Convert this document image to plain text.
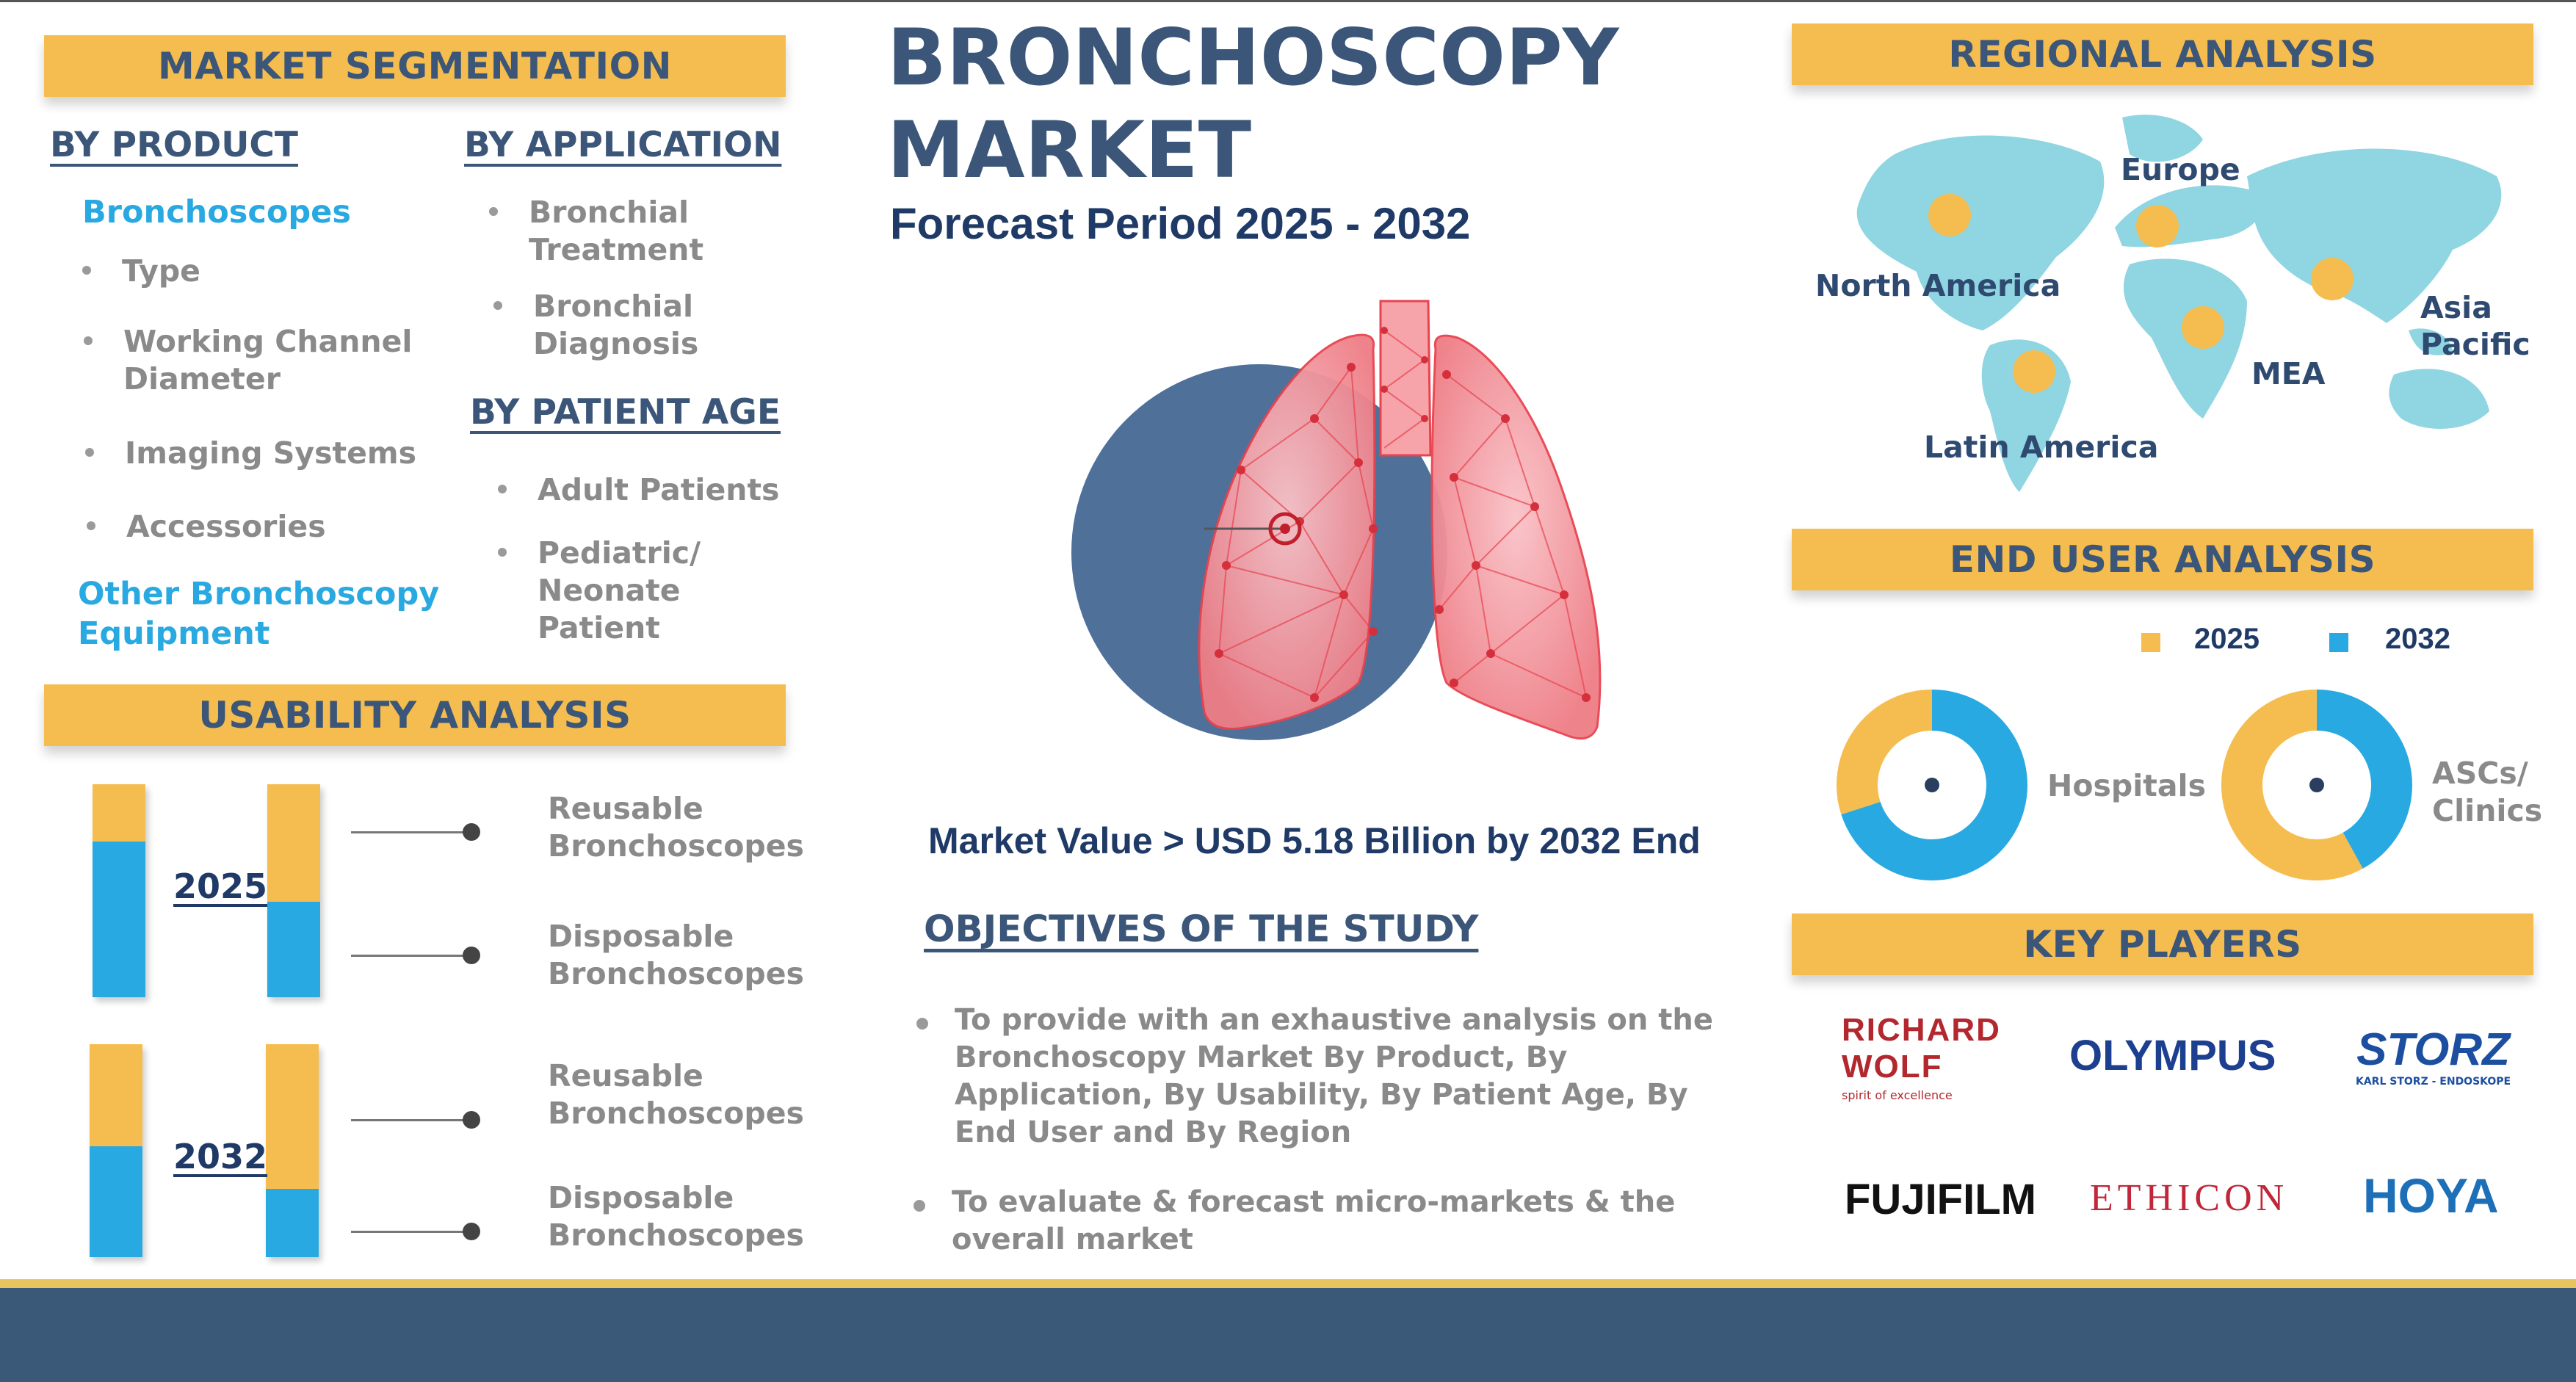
MARKET SEGMENTATION
BY PRODUCT
Bronchoscopes
Type
Working Channel Diameter
Imaging Systems
Accessories
Other Bronchoscopy Equipment
BY APPLICATION
Bronchial Treatment
Bronchial Diagnosis
BY PATIENT AGE
Adult Patients
Pediatric/ Neonate Patient
USABILITY ANALYSIS
2025
2032
Reusable Bronchoscopes
Disposable Bronchoscopes
Reusable Bronchoscopes
Disposable Bronchoscopes
BRONCHOSCOPY
MARKET
Forecast Period 2025 - 2032
Market Value > USD 5.18 Billion by 2032 End
OBJECTIVES OF THE STUDY
To provide with an exhaustive analysis on the Bronchoscopy Market By Product, By Application, By Usability, By Patient Age, By End User and By Region
To evaluate & forecast micro-markets & the overall market
REGIONAL ANALYSIS
North America
Europe
Asia Pacific
MEA
Latin America
END USER ANALYSIS
2025	2032
Hospitals	ASCs/ Clinics
KEY PLAYERS
RICHARD WOLF
spirit of excellence
OLYMPUS STORZ
KARL STORZ - ENDOSKOPE
FUJIFILM ETHICON HOYA
